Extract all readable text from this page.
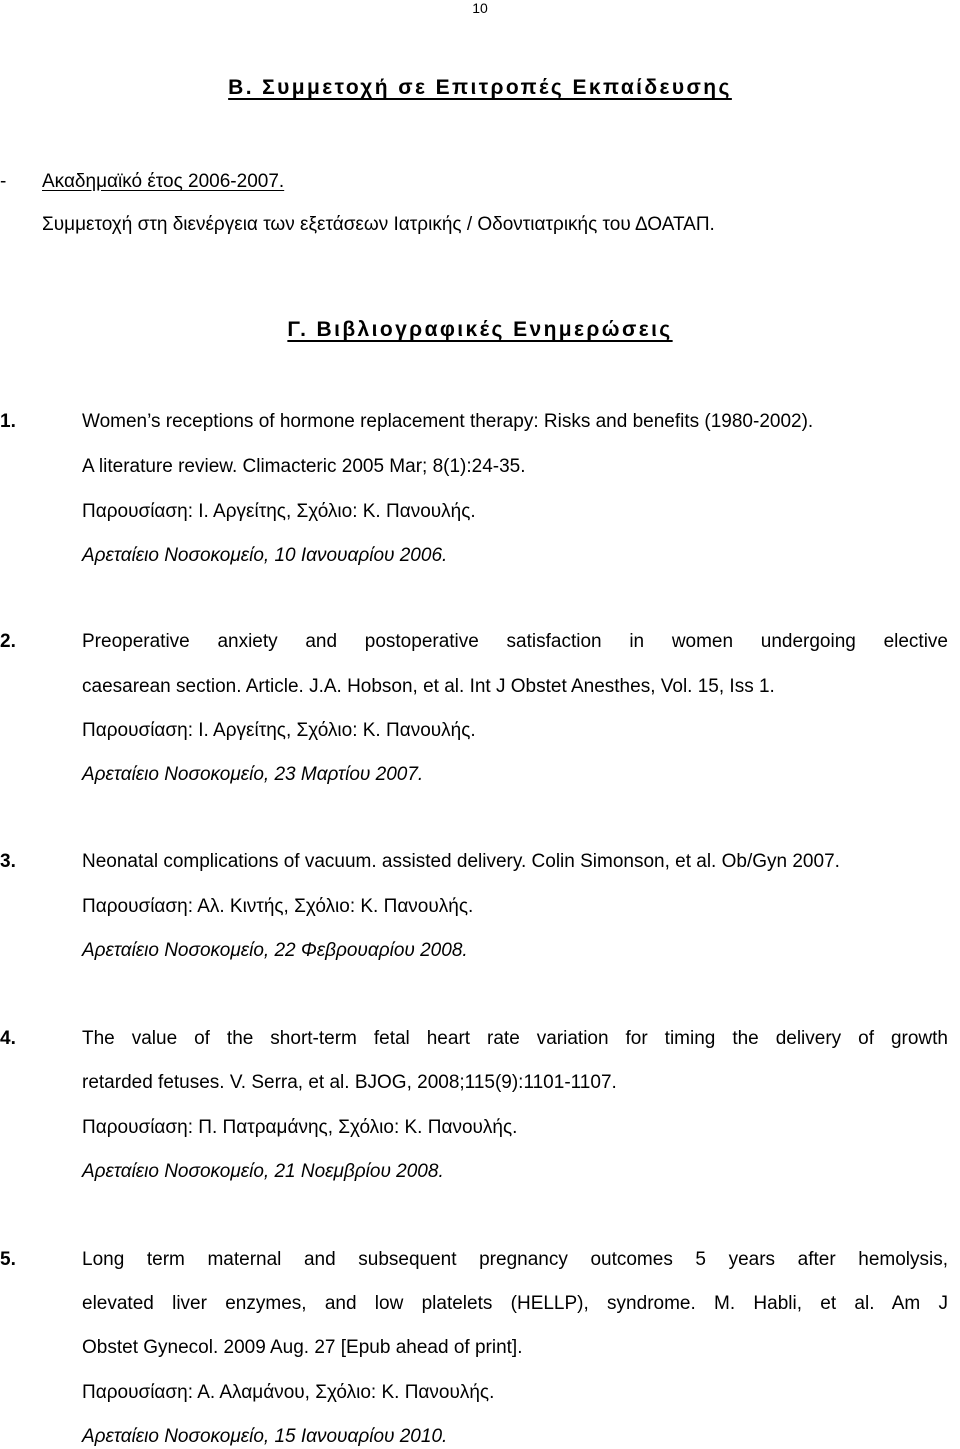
10
Β. Συμμετοχή σε Επιτροπές Εκπαίδευσης
- Ακαδημαϊκό έτος 2006-2007.
Συμμετοχή στη διενέργεια των εξετάσεων Ιατρικής / Οδοντιατρικής του ΔΟΑΤΑΠ.
Γ. Βιβλιογραφικές Ενημερώσεις
1.	Women’s receptions of hormone replacement therapy: Risks and benefits (1980-2002).
A literature review. Climacteric 2005 Mar; 8(1):24-35.
Παρουσίαση: Ι. Αργείτης, Σχόλιο: Κ. Πανουλής.
Αρεταίειο Νοσοκομείο, 10 Ιανουαρίου 2006.
2.	Preoperative anxiety and postoperative satisfaction in women undergoing elective
caesarean section. Article. J.A. Hobson, et al. Int J Obstet Anesthes, Vol. 15, Iss 1.
Παρουσίαση: Ι. Αργείτης, Σχόλιο: Κ. Πανουλής.
Αρεταίειο Νοσοκομείο, 23 Μαρτίου 2007.
3.	Neonatal complications of vacuum. assisted delivery. Colin Simonson, et al. Ob/Gyn 2007.
Παρουσίαση: Αλ. Κιντής, Σχόλιο: Κ. Πανουλής.
Αρεταίειο Νοσοκομείο, 22 Φεβρουαρίου 2008.
4.	The value of the short-term fetal heart rate variation for timing the delivery of growth
retarded fetuses. V. Serra, et al. BJOG, 2008;115(9):1101-1107.
Παρουσίαση: Π. Πατραμάνης, Σχόλιο: Κ. Πανουλής.
Αρεταίειο Νοσοκομείο, 21 Νοεμβρίου 2008.
5.	Long term maternal and subsequent pregnancy outcomes 5 years after hemolysis,
elevated liver enzymes, and low platelets (HELLP), syndrome. M. Habli, et al. Am J
Obstet Gynecol. 2009 Aug. 27 [Epub ahead of print].
Παρουσίαση: Α. Αλαμάνου, Σχόλιο: Κ. Πανουλής.
Αρεταίειο Νοσοκομείο, 15 Ιανουαρίου 2010.
